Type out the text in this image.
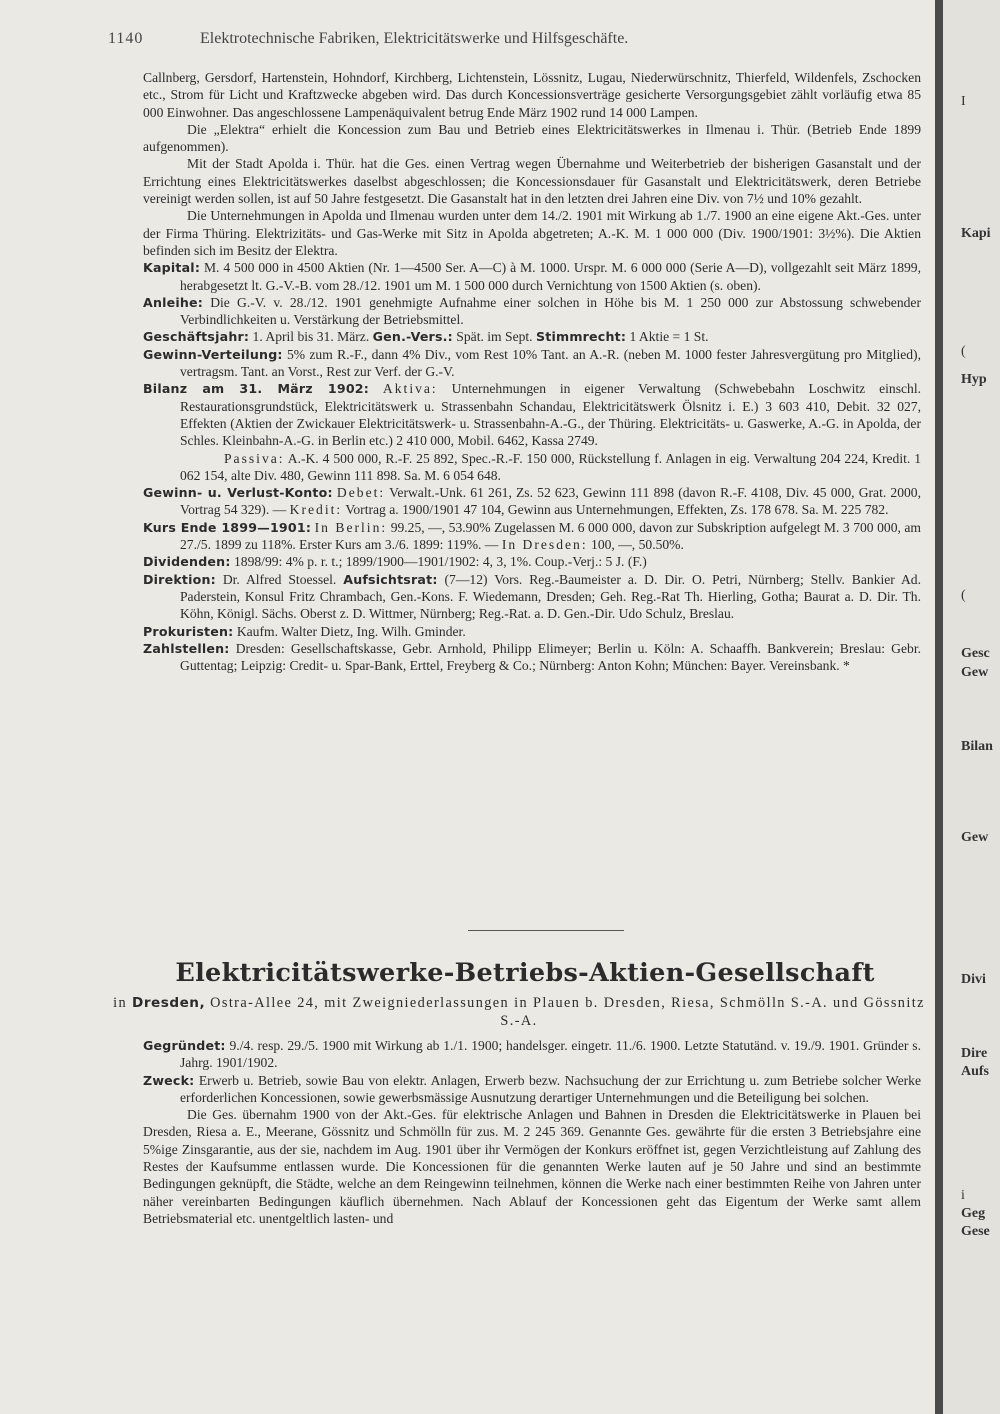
1140	Elektrotechnische Fabriken, Elektricitätswerke und Hilfsgeschäfte.

Callnberg, Gersdorf, Hartenstein, Hohndorf, Kirchberg, Lichtenstein, Lössnitz, Lugau, Niederwürschnitz, Thierfeld, Wildenfels, Zschocken etc., Strom für Licht und Kraftzwecke abgeben wird. Das durch Koncessionsverträge gesicherte Versorgungsgebiet zählt vorläufig etwa 85 000 Einwohner. Das angeschlossene Lampenäquivalent betrug Ende März 1902 rund 14 000 Lampen.

Die „Elektra“ erhielt die Koncession zum Bau und Betrieb eines Elektricitätswerkes in Ilmenau i. Thür. (Betrieb Ende 1899 aufgenommen).

Mit der Stadt Apolda i. Thür. hat die Ges. einen Vertrag wegen Übernahme und Weiterbetrieb der bisherigen Gasanstalt und der Errichtung eines Elektricitätswerkes daselbst abgeschlossen; die Koncessionsdauer für Gasanstalt und Elektricitätswerk, deren Betriebe vereinigt werden sollen, ist auf 50 Jahre festgesetzt. Die Gasanstalt hat in den letzten drei Jahren eine Div. von 7½ und 10% gezahlt.

Die Unternehmungen in Apolda und Ilmenau wurden unter dem 14./2. 1901 mit Wirkung ab 1./7. 1900 an eine eigene Akt.-Ges. unter der Firma Thüring. Elektrizitäts- und Gas-Werke mit Sitz in Apolda abgetreten; A.-K. M. 1 000 000 (Div. 1900/1901: 3½%). Die Aktien befinden sich im Besitz der Elektra.

Kapital: M. 4 500 000 in 4500 Aktien (Nr. 1—4500 Ser. A—C) à M. 1000. Urspr. M. 6 000 000 (Serie A—D), vollgezahlt seit März 1899, herabgesetzt lt. G.-V.-B. vom 28./12. 1901 um M. 1 500 000 durch Vernichtung von 1500 Aktien (s. oben).

Anleihe: Die G.-V. v. 28./12. 1901 genehmigte Aufnahme einer solchen in Höhe bis M. 1 250 000 zur Abstossung schwebender Verbindlichkeiten u. Verstärkung der Betriebsmittel.

Geschäftsjahr: 1. April bis 31. März. Gen.-Vers.: Spät. im Sept. Stimmrecht: 1 Aktie = 1 St.

Gewinn-Verteilung: 5% zum R.-F., dann 4% Div., vom Rest 10% Tant. an A.-R. (neben M. 1000 fester Jahresvergütung pro Mitglied), vertragsm. Tant. an Vorst., Rest zur Verf. der G.-V.

Bilanz am 31. März 1902: Aktiva: Unternehmungen in eigener Verwaltung (Schwebebahn Loschwitz einschl. Restaurationsgrundstück, Elektricitätswerk u. Strassenbahn Schandau, Elektricitätswerk Ölsnitz i. E.) 3 603 410, Debit. 32 027, Effekten (Aktien der Zwickauer Elektricitätswerk- u. Strassenbahn-A.-G., der Thüring. Elektricitäts- u. Gaswerke, A.-G. in Apolda, der Schles. Kleinbahn-A.-G. in Berlin etc.) 2 410 000, Mobil. 6462, Kassa 2749.

Passiva: A.-K. 4 500 000, R.-F. 25 892, Spec.-R.-F. 150 000, Rückstellung f. Anlagen in eig. Verwaltung 204 224, Kredit. 1 062 154, alte Div. 480, Gewinn 111 898. Sa. M. 6 054 648.

Gewinn- u. Verlust-Konto: Debet: Verwalt.-Unk. 61 261, Zs. 52 623, Gewinn 111 898 (davon R.-F. 4108, Div. 45 000, Grat. 2000, Vortrag 54 329). — Kredit: Vortrag a. 1900/1901 47 104, Gewinn aus Unternehmungen, Effekten, Zs. 178 678. Sa. M. 225 782.

Kurs Ende 1899—1901: In Berlin: 99.25, —, 53.90% Zugelassen M. 6 000 000, davon zur Subskription aufgelegt M. 3 700 000, am 27./5. 1899 zu 118%. Erster Kurs am 3./6. 1899: 119%. — In Dresden: 100, —, 50.50%.

Dividenden: 1898/99: 4% p. r. t.; 1899/1900—1901/1902: 4, 3, 1%. Coup.-Verj.: 5 J. (F.)

Direktion: Dr. Alfred Stoessel. Aufsichtsrat: (7—12) Vors. Reg.-Baumeister a. D. Dir. O. Petri, Nürnberg; Stellv. Bankier Ad. Paderstein, Konsul Fritz Chrambach, Gen.-Kons. F. Wiedemann, Dresden; Geh. Reg.-Rat Th. Hierling, Gotha; Baurat a. D. Dir. Th. Köhn, Königl. Sächs. Oberst z. D. Wittmer, Nürnberg; Reg.-Rat. a. D. Gen.-Dir. Udo Schulz, Breslau.

Prokuristen: Kaufm. Walter Dietz, Ing. Wilh. Gminder.

Zahlstellen: Dresden: Gesellschaftskasse, Gebr. Arnhold, Philipp Elimeyer; Berlin u. Köln: A. Schaaffh. Bankverein; Breslau: Gebr. Guttentag; Leipzig: Credit- u. Spar-Bank, Erttel, Freyberg & Co.; Nürnberg: Anton Kohn; München: Bayer. Vereinsbank. *

Elektricitätswerke-Betriebs-Aktien-Gesellschaft
in Dresden, Ostra-Allee 24, mit Zweigniederlassungen in Plauen b. Dresden, Riesa, Schmölln S.-A. und Gössnitz S.-A.

Gegründet: 9./4. resp. 29./5. 1900 mit Wirkung ab 1./1. 1900; handelsger. eingetr. 11./6. 1900. Letzte Statutänd. v. 19./9. 1901. Gründer s. Jahrg. 1901/1902.

Zweck: Erwerb u. Betrieb, sowie Bau von elektr. Anlagen, Erwerb bezw. Nachsuchung der zur Errichtung u. zum Betriebe solcher Werke erforderlichen Koncessionen, sowie gewerbsmässige Ausnutzung derartiger Unternehmungen und die Beteiligung bei solchen.

Die Ges. übernahm 1900 von der Akt.-Ges. für elektrische Anlagen und Bahnen in Dresden die Elektricitätswerke in Plauen bei Dresden, Riesa a. E., Meerane, Gössnitz und Schmölln für zus. M. 2 245 369. Genannte Ges. gewährte für die ersten 3 Betriebsjahre eine 5%ige Zinsgarantie, aus der sie, nachdem im Aug. 1901 über ihr Vermögen der Konkurs eröffnet ist, gegen Verzichtleistung auf Zahlung des Restes der Kaufsumme entlassen wurde. Die Koncessionen für die genannten Werke lauten auf je 50 Jahre und sind an bestimmte Bedingungen geknüpft, die Städte, welche an dem Reingewinn teilnehmen, können die Werke nach einer bestimmten Reihe von Jahren unter näher vereinbarten Bedingungen käuflich übernehmen. Nach Ablauf der Koncessionen geht das Eigentum der Werke samt allem Betriebsmaterial etc. unentgeltlich lasten- und

I
Kapi
(
Hyp
(
Gesc
Gew
Bilan
Gew
Divi
Dire
Aufs
i
Geg
Gese
